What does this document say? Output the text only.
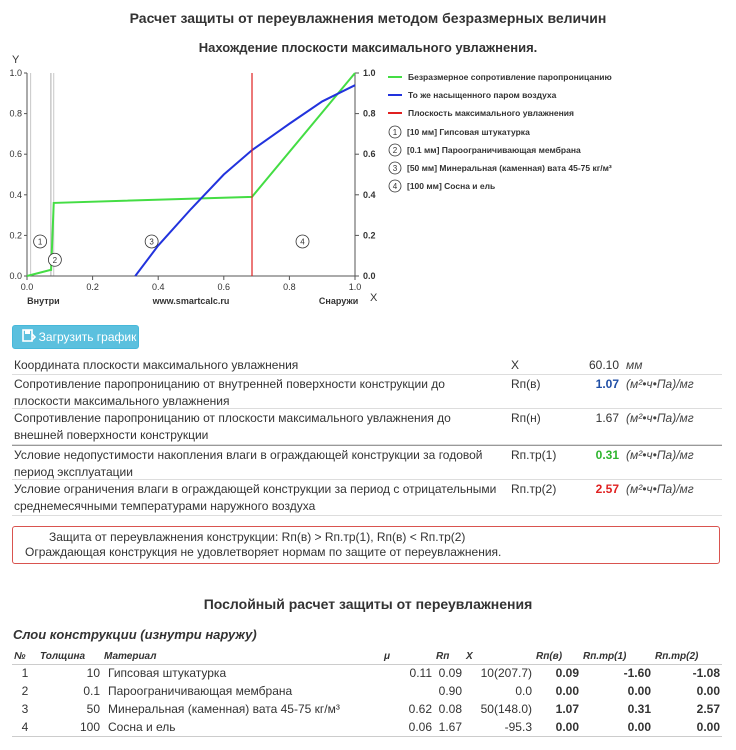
Расчет защиты от переувлажнения методом безразмерных величин
Нахождение плоскости максимального увлажнения.
0.0
0.2
0.4
0.6
0.8
1.0
0.0
0.2
0.4
0.6
0.8
1.0
0.0	0.2	0.4	0.6	0.8	1.0
Y
X
Внутри	www.smartcalc.ru	Снаружи
1
2
3	4
Безразмерное сопротивление паропроницанию
То же насыщенного паром воздуха
Плоскость максимального увлажнения
1 [10 мм] Гипсовая штукатурка
2 [0.1 мм] Пароограничивающая мембрана
3 [50 мм] Минеральная (каменная) вата 45-75 кг/м³
4 [100 мм] Сосна и ель
Загрузить график
Координата плоскости максимального увлажнения	X	60.10 мм
Сопротивление паропроницанию от внутренней поверхности конструкции до плоскости максимального увлажнения
Rп(в)	1.07 (м²•ч•Па)/мг
Сопротивление паропроницанию от плоскости максимального увлажнения до внешней поверхности конструкции
Rп(н)	1.67 (м²•ч•Па)/мг
Условие недопустимости накопления влаги в ограждающей конструкции за годовой период эксплуатации
Rп.тр(1)	0.31 (м²•ч•Па)/мг
Условие ограничения влаги в ограждающей конструкции за период с отрицательными среднемесячными температурами наружного воздуха
Rп.тр(2)	2.57 (м²•ч•Па)/мг
Защита от переувлажнения конструкции: Rп(в) > Rп.тр(1), Rп(в) < Rп.тр(2)
Ограждающая конструкция не удовлетворяет нормам по защите от переувлажнения.
Послойный расчет защиты от переувлажнения
Слои конструкции (изнутри наружу)
№	Толщина	Материал	μ	Rп	X	Rп(в)	Rп.тр(1)	Rп.тр(2)
1	10	Гипсовая штукатурка	0.11	0.09	10(207.7)	0.09	-1.60	-1.08
2	0.1	Пароограничивающая мембрана		0.90	0.0	0.00	0.00	0.00
3	50	Минеральная (каменная) вата 45-75 кг/м³	0.62	0.08	50(148.0)	1.07	0.31	2.57
4	100	Сосна и ель	0.06	1.67	-95.3	0.00	0.00	0.00
